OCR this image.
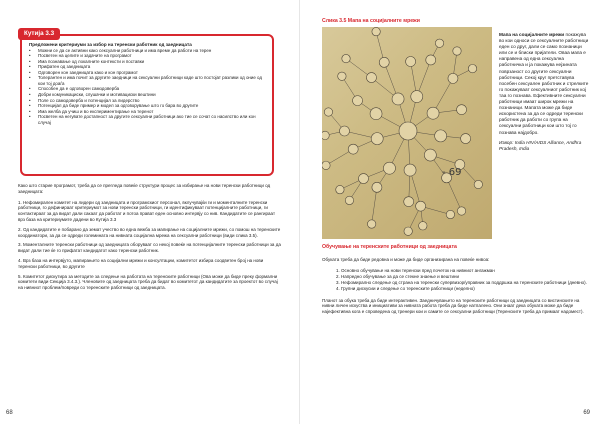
Предложени критериуми за избор на теренски работник од заедницата

• Можни се да се активни како сексуални работници и има време да работи на терен
• Посветен на целите и задачите на програмот
• Има познавање од локалните контексти и поставки
• Прифатен од заедницата
• Одговорен кон заедницата како и кон програмот
• Толерантен и има почит за другите заедници на сексуални работници каде што постојат разлики од оние од кои тој доаѓа
• Способен да е одговорен самодоверба
• Добри комуникациски, слушачки и мотивациски вештини
• Поле со самодоверба и потенцијал за лидерство
• Потенцијал да биде пример и модел за одговорување што го бара во другите
• Има желба да учиш и во експериментирање на теренот
• Посветен на негувате достапност за другите сексуални работници ако тие се сочат со насилство или кон случај
Кутија 3.3

Како што старие програмот, треба да се прегледа повеќе структури процес за избирање на нови теренски работници од заедницата:

1. Нефомирален комитет на лидери од заедницата и програмскиот персонал, вклучувајќи ги и моменталните теренски работници, го дефинираат критериумот за нови теренски работници, ги идентификуваат потенцијалните работници, ги контактираат за да видат дали сакаат да работат и потоа прават еден основно интервју со нив. Кандидатите се рангираат врз база на критериумите дадени во Кутија 3.3

2. Од кандидатите е побарано да земат учество во една вежба за мапирање на социјалните мрежи, со помош на теренските координатори, за да се одреди големината на нивната социјална мрежа на сексуални работници (види слика 3.5).

3. Моменталните теренски работници од заедницата оборуваат со некој повеќе на потенцијалните теренски работници за да видат дали тие ќе го прифатат кандидатот како теренски работник.

4. Врз база на интервјуто, мапирањето на социјални мрежи и консултации, комитетот избира соодветен број на нови теренски работници, во другите

5. Комитетот дискутира за методите за следење на работата на теренските работници (Ова може да биде преку формални комитети види Секција 3.4.3.). Членовите од заедницата треба да бидат во комитетот да кандидатите за проектот во случај на нивниот проблем/повреди со теренските работници од заедницата.

68
Слика 3.5 Мапа на социјалните мрежи
- 69
Мапа на социјалните мрежи покажува во кои односи се сексуалните работници еден со друг, дали се само познаници или се и блиски пријатели. Оваа мапа е направена од една сексуална работничка и ја покажува нејзината поврзаност со другите сексуални работници. Секој круг претставува посебен сексуален работник и стрелките го покажуваат сексуалниот работник кој таа го познава. Ефективните сексуални работници имаат широк мрежи на познаници. Мапата може да биде искористена за да се одреди теренски работник да работи со група на сексуални работници кои што тој го познава најдобро.

Извор: India HIV/AIDS Alliance, Andhra Pradesh, India

Обучување на теренските работници од заедницата

Обуката треба да биде редовна и може да биде организирана на повеќе нивоа:

1. Основно обучување на нови теренски пред почеток на нивниот ангажман
2. Напредно обучување за да се стекне знаење и вештини
3. Нефомирално следење од страна на теренски супервизор/управник за поддршка на теренските работници (дневно).
4. Групни дискусии и следење со теренските работници (неделно)

Планот за обука треба да биде интерактивен. Заедничувањето на теренските работници од заедницата со вистинските на нивни личен искуства и инициативи за нивната работа треба да биде натпалено. Они знаат дека обуката може да биде најефективна кога е спроведена од тренери кои и самите се сексуални работници (Теренските треба да примаат надомест).

69
